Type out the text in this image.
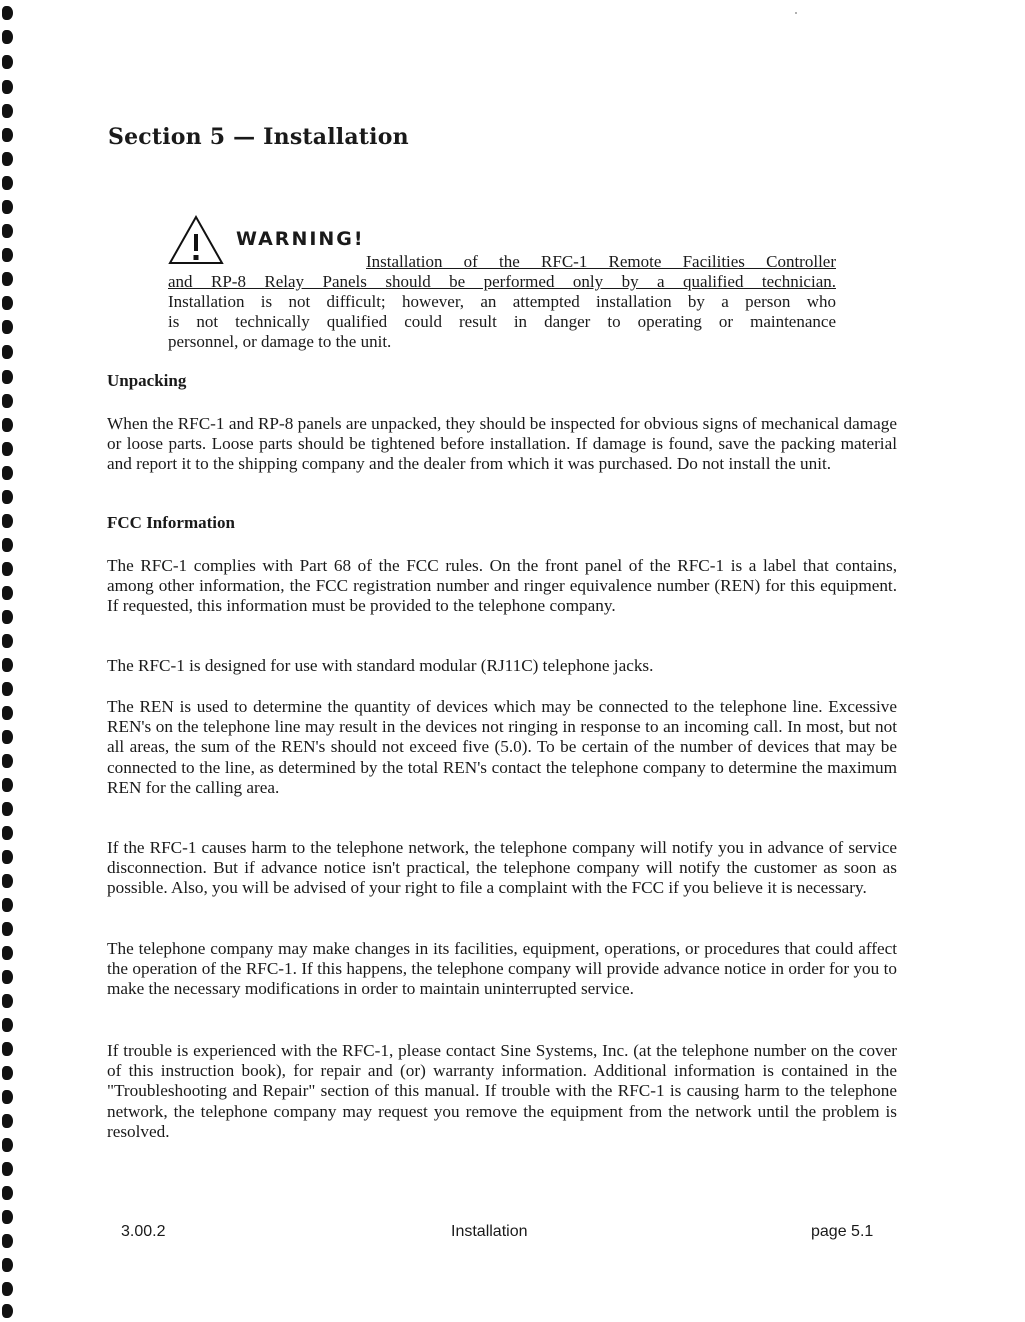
Section 5 — Installation
WARNING!
Installation of the RFC-1 Remote Facilities Controller
and RP-8 Relay Panels should be performed only by a qualified technician.
Installation is not difficult; however, an attempted installation by a person who
is not technically qualified could result in danger to operating or maintenance
personnel, or damage to the unit.
Unpacking
When the RFC-1 and RP-8 panels are unpacked, they should be inspected for obvious signs of mechanical damage or loose parts. Loose parts should be tightened before installation. If damage is found, save the packing material and report it to the shipping company and the dealer from which it was purchased. Do not install the unit.
FCC Information
The RFC-1 complies with Part 68 of the FCC rules. On the front panel of the RFC-1 is a label that contains, among other information, the FCC registration number and ringer equivalence number (REN) for this equipment. If requested, this information must be provided to the telephone company.
The RFC-1 is designed for use with standard modular (RJ11C) telephone jacks.
The REN is used to determine the quantity of devices which may be connected to the telephone line. Excessive REN's on the telephone line may result in the devices not ringing in response to an incoming call. In most, but not all areas, the sum of the REN's should not exceed five (5.0). To be certain of the number of devices that may be connected to the line, as determined by the total REN's contact the telephone company to determine the maximum REN for the calling area.
If the RFC-1 causes harm to the telephone network, the telephone company will notify you in advance of service disconnection. But if advance notice isn't practical, the telephone company will notify the customer as soon as possible. Also, you will be advised of your right to file a complaint with the FCC if you believe it is necessary.
The telephone company may make changes in its facilities, equipment, operations, or procedures that could affect the operation of the RFC-1. If this happens, the telephone company will provide advance notice in order for you to make the necessary modifications in order to maintain uninterrupted service.
If trouble is experienced with the RFC-1, please contact Sine Systems, Inc. (at the telephone number on the cover of this instruction book), for repair and (or) warranty information. Additional information is contained in the "Troubleshooting and Repair" section of this manual. If trouble with the RFC-1 is causing harm to the telephone network, the telephone company may request you remove the equipment from the network until the problem is resolved.
3.00.2	Installation	page 5.1
